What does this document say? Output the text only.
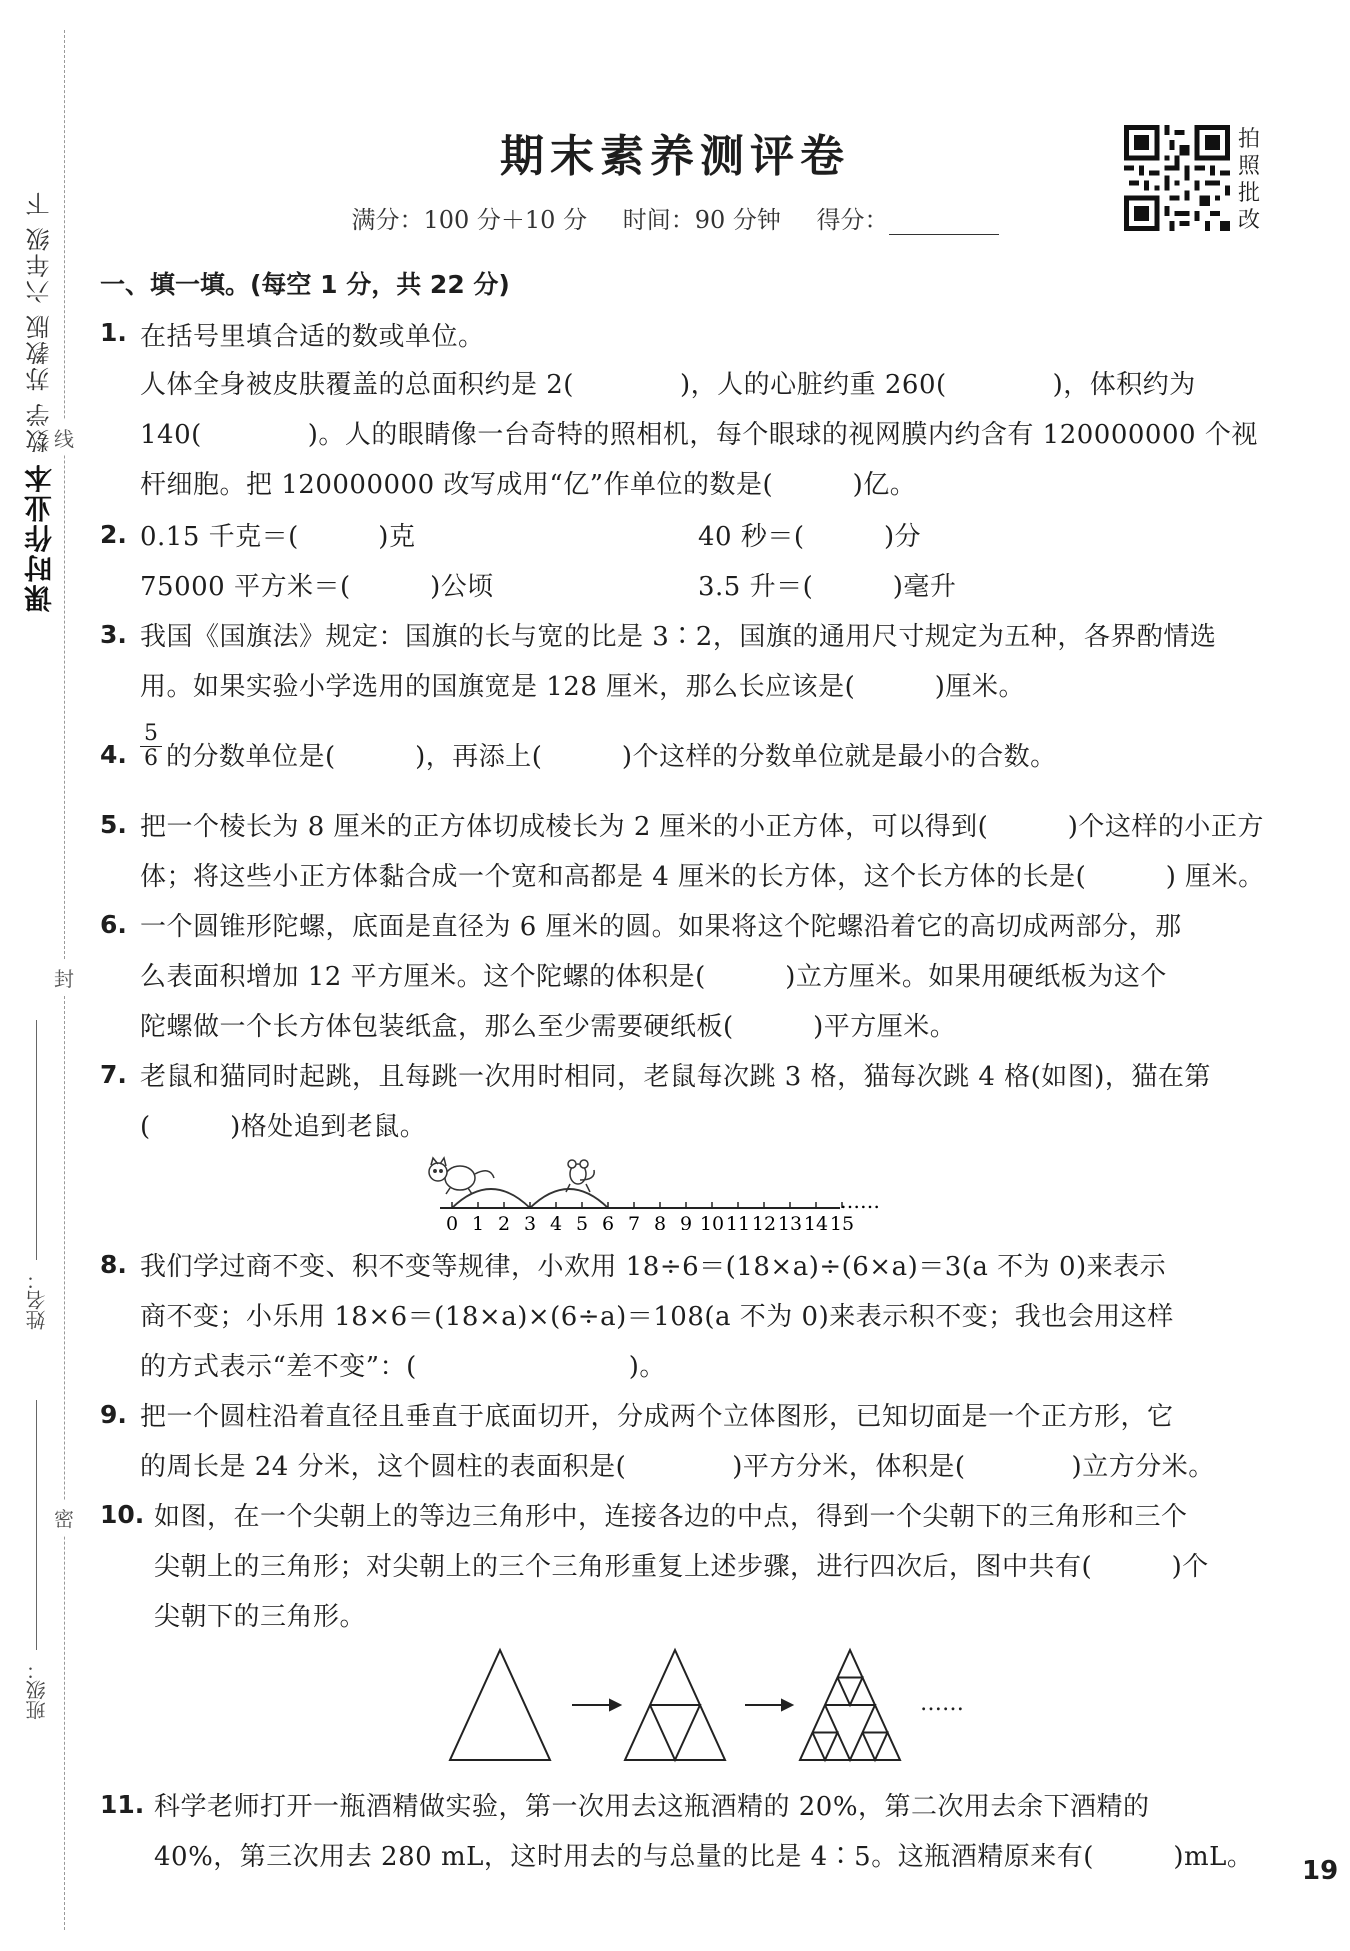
课时作业本 数学 苏教版 六年级 下 线
封
密
姓名：
班级：
期末素养测评卷
满分：100 分＋10 分 时间：90 分钟 得分：
拍
照
批
改
一、填一填。(每空 1 分，共 22 分)
1. 在括号里填合适的数或单位。
人体全身被皮肤覆盖的总面积约是 2(　　　　)，人的心脏约重 260(　　　　)，体积约为
140(　　　　)。人的眼睛像一台奇特的照相机，每个眼球的视网膜内约含有 120000000 个视
杆细胞。把 120000000 改写成用“亿”作单位的数是(　　　)亿。
2. 0.15 千克＝(　　　)克	40 秒＝(　　　)分
75000 平方米＝(　　　)公顷	3.5 升＝(　　　)毫升
3. 我国《国旗法》规定：国旗的长与宽的比是 3∶2，国旗的通用尺寸规定为五种，各界酌情选
用。如果实验小学选用的国旗宽是 128 厘米，那么长应该是(　　　)厘米。
4.
5
6 的分数单位是(　　　)，再添上(　　　)个这样的分数单位就是最小的合数。
5. 把一个棱长为 8 厘米的正方体切成棱长为 2 厘米的小正方体，可以得到(　　　)个这样的小正方
体；将这些小正方体黏合成一个宽和高都是 4 厘米的长方体，这个长方体的长是(　　　) 厘米。
6. 一个圆锥形陀螺，底面是直径为 6 厘米的圆。如果将这个陀螺沿着它的高切成两部分，那
么表面积增加 12 平方厘米。这个陀螺的体积是(　　　)立方厘米。如果用硬纸板为这个
陀螺做一个长方体包装纸盒，那么至少需要硬纸板(　　　)平方厘米。
7. 老鼠和猫同时起跳，且每跳一次用时相同，老鼠每次跳 3 格，猫每次跳 4 格(如图)，猫在第
(　　　)格处追到老鼠。
0 1 2 3 4 5 6 7 8 9 10 11 12 13 14 15
……
8. 我们学过商不变、积不变等规律，小欢用 18÷6＝(18×a)÷(6×a)＝3(a 不为 0)来表示
商不变；小乐用 18×6＝(18×a)×(6÷a)＝108(a 不为 0)来表示积不变；我也会用这样
的方式表示“差不变”：(　　　　　　　　)。
9. 把一个圆柱沿着直径且垂直于底面切开，分成两个立体图形，已知切面是一个正方形，它
的周长是 24 分米，这个圆柱的表面积是(　　　　)平方分米，体积是(　　　　)立方分米。
10. 如图，在一个尖朝上的等边三角形中，连接各边的中点，得到一个尖朝下的三角形和三个
尖朝上的三角形；对尖朝上的三个三角形重复上述步骤，进行四次后，图中共有(　　　)个
尖朝下的三角形。
……
11. 科学老师打开一瓶酒精做实验，第一次用去这瓶酒精的 20%，第二次用去余下酒精的
40%，第三次用去 280 mL，这时用去的与总量的比是 4∶5。这瓶酒精原来有(　　　)mL。 19
